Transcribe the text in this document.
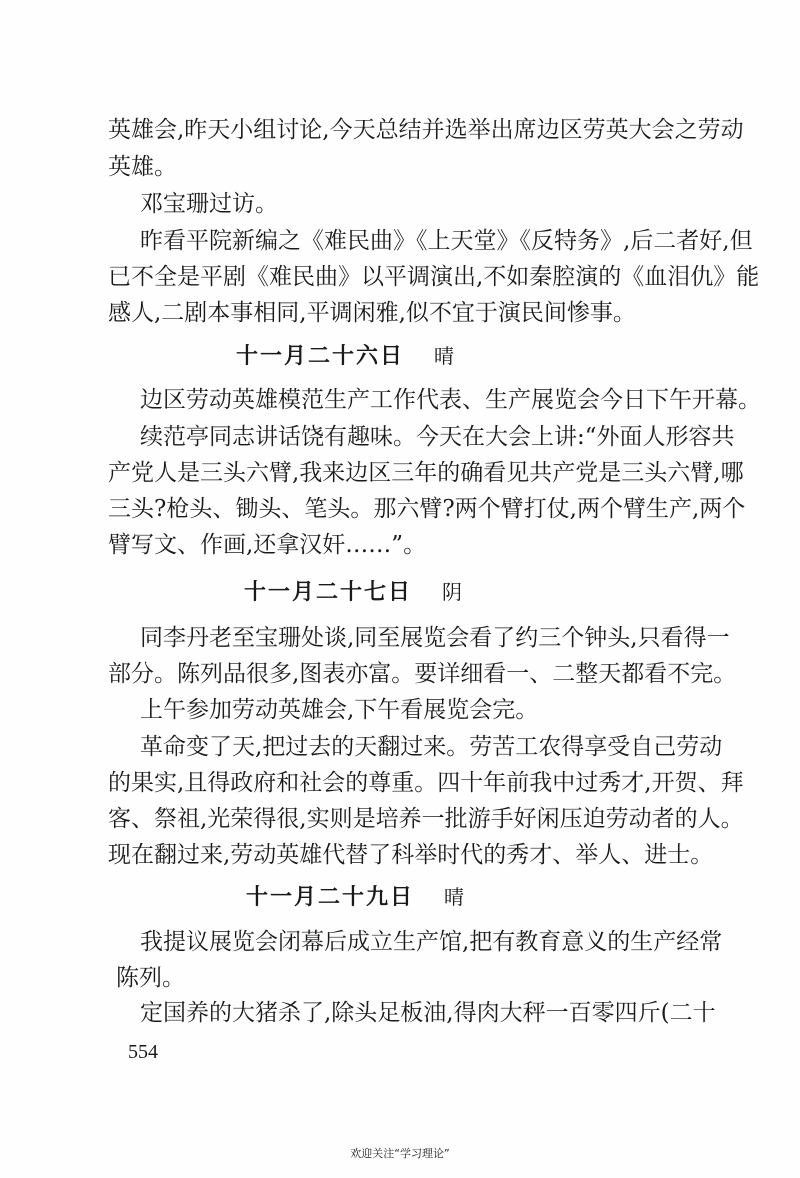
英雄会,昨天小组讨论,今天总结并选举出席边区劳英大会之劳动
英雄。
邓宝珊过访。
昨看平院新编之《难民曲》《上天堂》《反特务》,后二者好,但
已不全是平剧《难民曲》以平调演出,不如秦腔演的《血泪仇》能
感人,二剧本事相同,平调闲雅,似不宜于演民间惨事。
十一月二十六日 晴
边区劳动英雄模范生产工作代表、生产展览会今日下午开幕。
续范亭同志讲话饶有趣味。今天在大会上讲:“外面人形容共
产党人是三头六臂,我来边区三年的确看见共产党是三头六臂,哪
三头?枪头、锄头、笔头。那六臂?两个臂打仗,两个臂生产,两个
臂写文、作画,还拿汉奸……”。
十一月二十七日 阴
同李丹老至宝珊处谈,同至展览会看了约三个钟头,只看得一
部分。陈列品很多,图表亦富。要详细看一、二整天都看不完。
上午参加劳动英雄会,下午看展览会完。
革命变了天,把过去的天翻过来。劳苦工农得享受自己劳动
的果实,且得政府和社会的尊重。四十年前我中过秀才,开贺、拜
客、祭祖,光荣得很,实则是培养一批游手好闲压迫劳动者的人。
现在翻过来,劳动英雄代替了科举时代的秀才、举人、进士。
十一月二十九日 晴
我提议展览会闭幕后成立生产馆,把有教育意义的生产经常
陈列。
定国养的大猪杀了,除头足板油,得肉大秤一百零四斤(二十
554
欢迎关注“学习理论”
